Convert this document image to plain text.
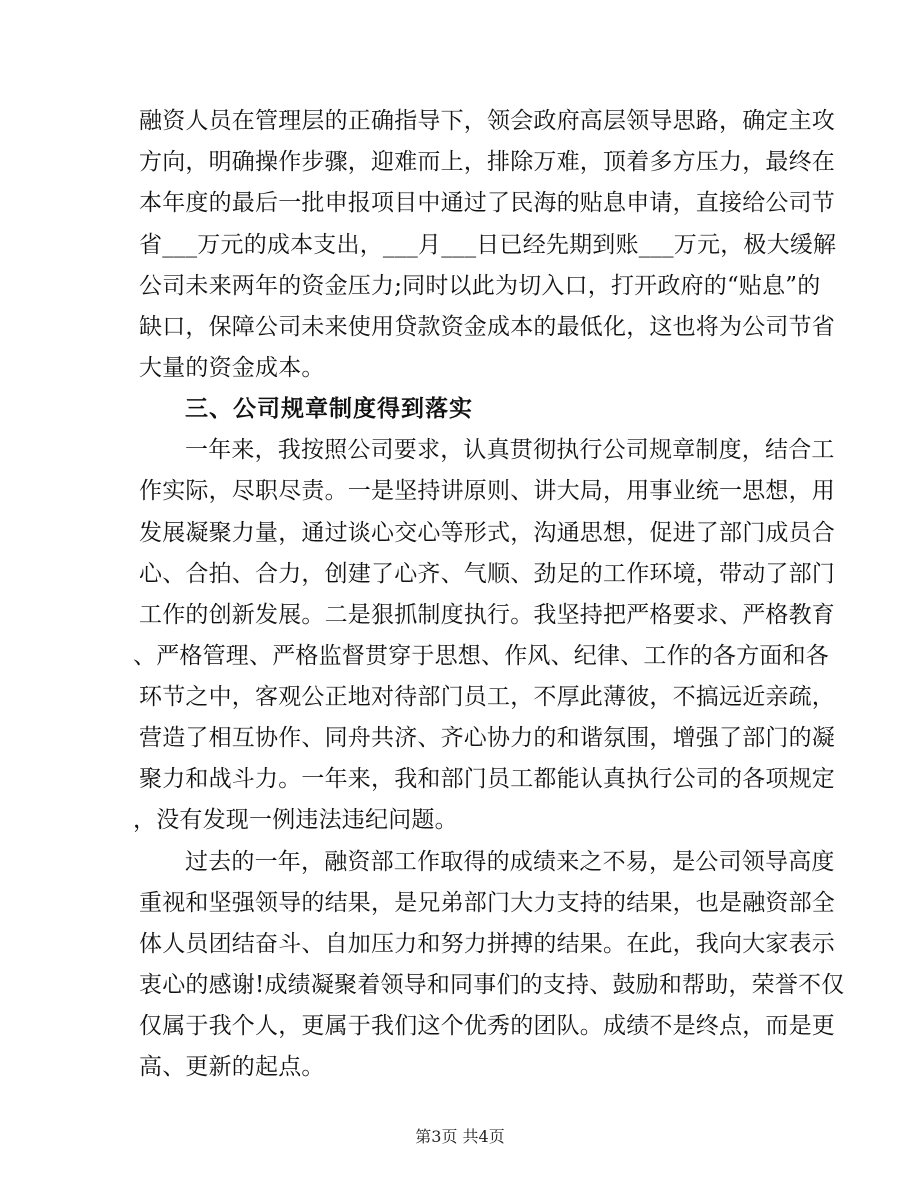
融资人员在管理层的正确指导下，领会政府高层领导思路，确定主攻
方向，明确操作步骤，迎难而上，排除万难，顶着多方压力，最终在
本年度的最后一批申报项目中通过了民海的贴息申请，直接给公司节
省___万元的成本支出，___月___日已经先期到账___万元，极大缓解
公司未来两年的资金压力;同时以此为切入口，打开政府的“贴息”的
缺口，保障公司未来使用贷款资金成本的最低化，这也将为公司节省
大量的资金成本。
三、公司规章制度得到落实
一年来，我按照公司要求，认真贯彻执行公司规章制度，结合工
作实际，尽职尽责。一是坚持讲原则、讲大局，用事业统一思想，用
发展凝聚力量，通过谈心交心等形式，沟通思想，促进了部门成员合
心、合拍、合力，创建了心齐、气顺、劲足的工作环境，带动了部门
工作的创新发展。二是狠抓制度执行。我坚持把严格要求、严格教育
、严格管理、严格监督贯穿于思想、作风、纪律、工作的各方面和各
环节之中，客观公正地对待部门员工，不厚此薄彼，不搞远近亲疏，
营造了相互协作、同舟共济、齐心协力的和谐氛围，增强了部门的凝
聚力和战斗力。一年来，我和部门员工都能认真执行公司的各项规定
，没有发现一例违法违纪问题。
过去的一年，融资部工作取得的成绩来之不易，是公司领导高度
重视和坚强领导的结果，是兄弟部门大力支持的结果，也是融资部全
体人员团结奋斗、自加压力和努力拼搏的结果。在此，我向大家表示
衷心的感谢!成绩凝聚着领导和同事们的支持、鼓励和帮助，荣誉不仅
仅属于我个人，更属于我们这个优秀的团队。成绩不是终点，而是更
高、更新的起点。
第3页 共4页
